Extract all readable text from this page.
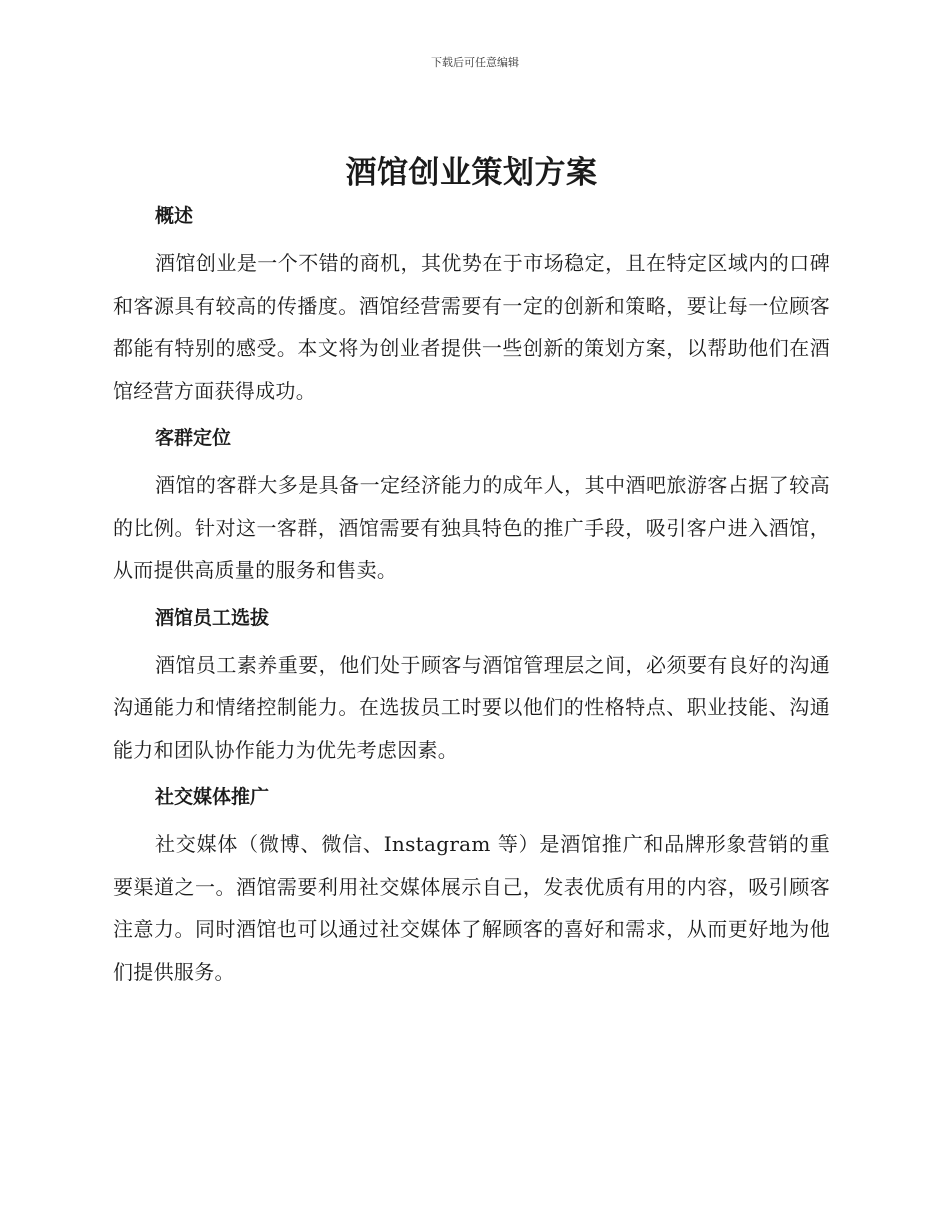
下载后可任意编辑
酒馆创业策划方案
概述

酒馆创业是一个不错的商机，其优势在于市场稳定，且在特定区域内的口碑和客源具有较高的传播度。酒馆经营需要有一定的创新和策略，要让每一位顾客都能有特别的感受。本文将为创业者提供一些创新的策划方案，以帮助他们在酒馆经营方面获得成功。

客群定位

酒馆的客群大多是具备一定经济能力的成年人，其中酒吧旅游客占据了较高的比例。针对这一客群，酒馆需要有独具特色的推广手段，吸引客户进入酒馆，从而提供高质量的服务和售卖。

酒馆员工选拔

酒馆员工素养重要，他们处于顾客与酒馆管理层之间，必须要有良好的沟通沟通能力和情绪控制能力。在选拔员工时要以他们的性格特点、职业技能、沟通能力和团队协作能力为优先考虑因素。

社交媒体推广

社交媒体（微博、微信、Instagram 等）是酒馆推广和品牌形象营销的重要渠道之一。酒馆需要利用社交媒体展示自己，发表优质有用的内容，吸引顾客注意力。同时酒馆也可以通过社交媒体了解顾客的喜好和需求，从而更好地为他们提供服务。
